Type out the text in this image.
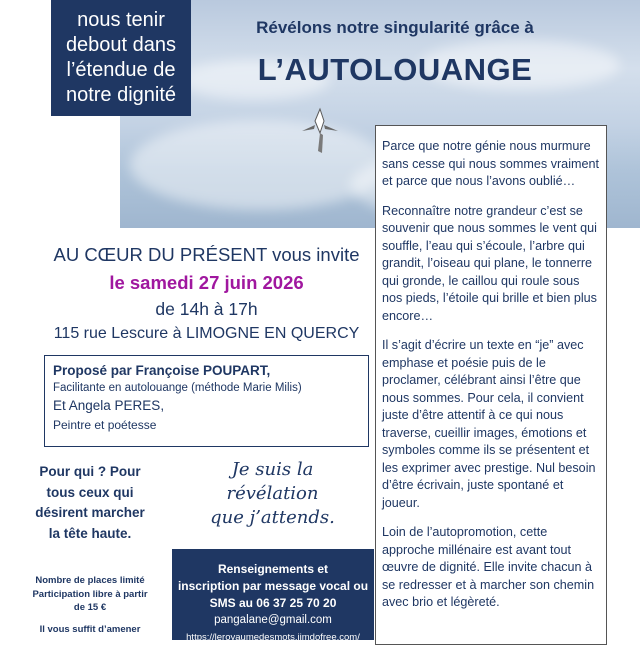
nous tenir
debout dans
l’étendue de
notre dignité
Révélons notre singularité grâce à
L’AUTOLOUANGE

Parce que notre génie nous murmure sans cesse qui nous sommes vraiment et parce que nous l’avons oublié…

Reconnaître notre grandeur c’est se souvenir que nous sommes le vent qui souffle, l’eau qui s’écoule, l’arbre qui grandit, l’oiseau qui plane, le tonnerre qui gronde, le caillou qui roule sous nos pieds, l’étoile qui brille et bien plus encore…

Il s’agit d’écrire un texte en “je” avec emphase et poésie puis de le proclamer, célébrant ainsi l’être que nous sommes. Pour cela, il convient juste d’être attentif à ce qui nous traverse, cueillir images, émotions et symboles comme ils se présentent et les exprimer avec prestige. Nul besoin d’être écrivain, juste spontané et joueur.

Loin de l’autopromotion, cette approche millénaire est avant tout œuvre de dignité. Elle invite chacun à se redresser et à marcher son chemin avec brio et légèreté.

AU CŒUR DU PRÉSENT vous invite
le samedi 27 juin 2026
de 14h à 17h
115 rue Lescure à LIMOGNE EN QUERCY
Proposé par Françoise POUPART,
Facilitante en autolouange (méthode Marie Milis)
Et Angela PERES,
Peintre et poétesse
Pour qui ? Pour tous ceux qui désirent marcher la tête haute.
Nombre de places limité Participation libre à partir de 15 €
Il vous suffit d’amener
Je suis la
révélation
que j’attends.
Renseignements et
inscription par message vocal ou
SMS au 06 37 25 70 20
pangalane@gmail.com
https://leroyaumedesmots.jimdofree.com/
